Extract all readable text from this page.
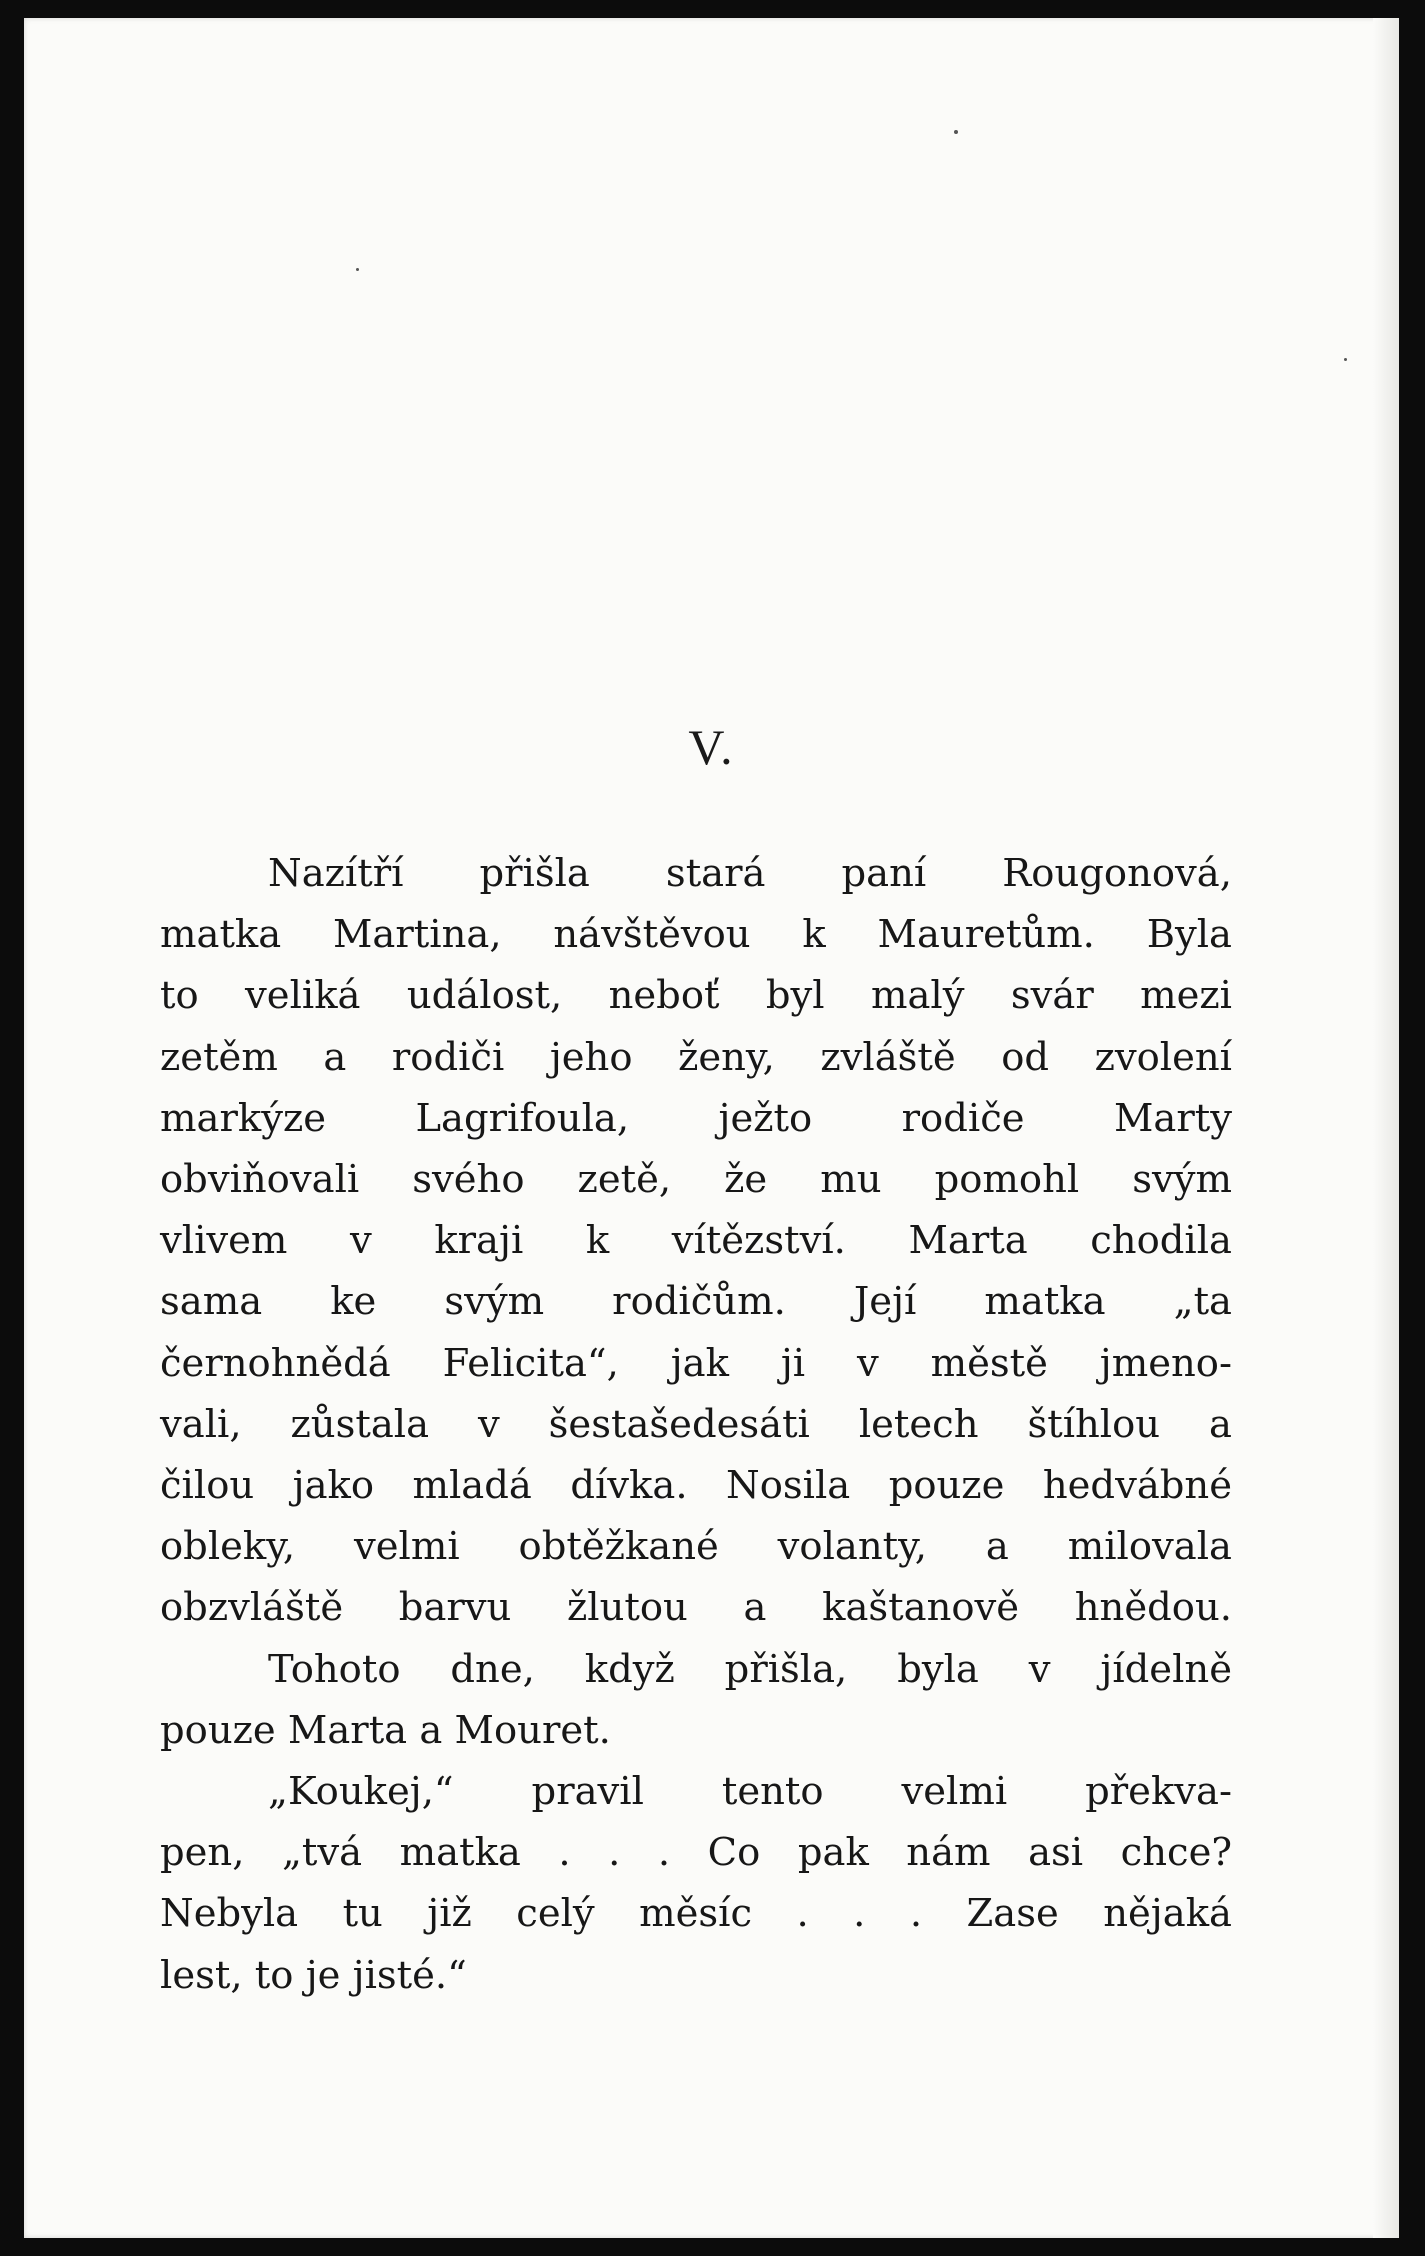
V.
Nazítří přišla stará paní Rougonová,
matka Martina, návštěvou k Mauretům. Byla
to veliká událost, neboť byl malý svár mezi
zetěm a rodiči jeho ženy, zvláště od zvolení
markýze Lagrifoula, ježto rodiče Marty
obviňovali svého zetě, že mu pomohl svým
vlivem v kraji k vítězství. Marta chodila
sama ke svým rodičům. Její matka „ta
černohnědá Felicita“, jak ji v městě jmeno-
vali, zůstala v šestašedesáti letech štíhlou a
čilou jako mladá dívka. Nosila pouze hedvábné
obleky, velmi obtěžkané volanty, a milovala
obzvláště barvu žlutou a kaštanově hnědou.
Tohoto dne, když přišla, byla v jídelně
pouze Marta a Mouret.
„Koukej,“ pravil tento velmi překva-
pen, „tvá matka . . . Co pak nám asi chce?
Nebyla tu již celý měsíc . . . Zase nějaká
lest, to je jisté.“
